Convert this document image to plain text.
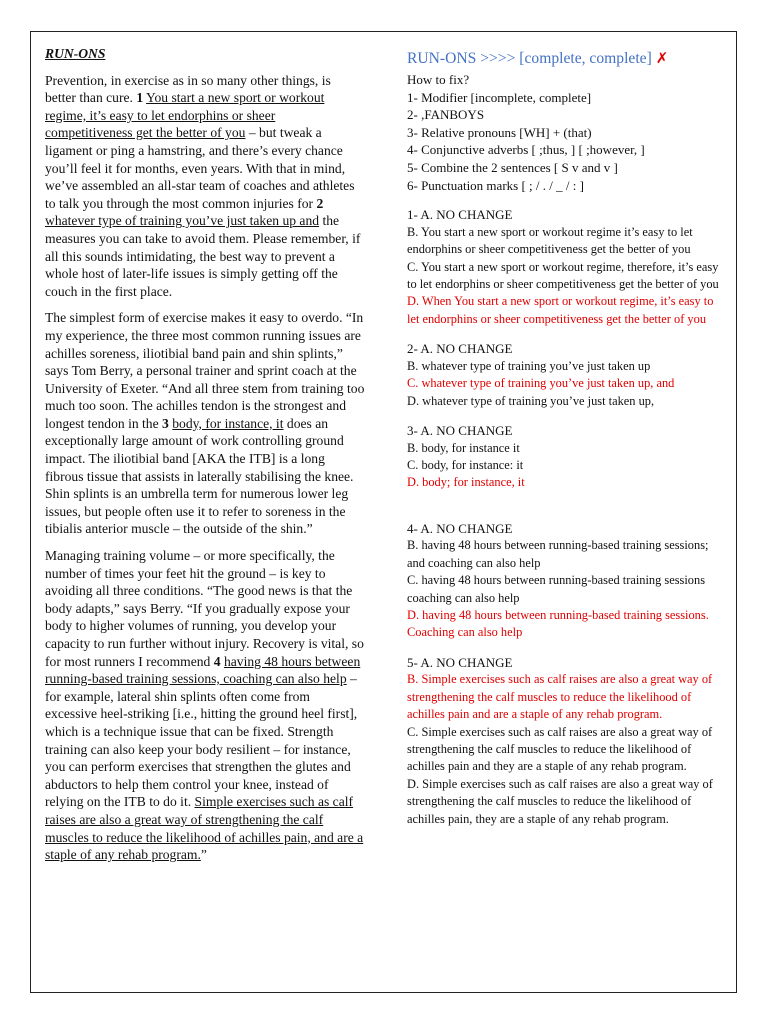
RUN-ONS

Prevention, in exercise as in so many other things, is better than cure. 1 You start a new sport or workout regime, it’s easy to let endorphins or sheer competitiveness get the better of you – but tweak a ligament or ping a hamstring, and there’s every chance you’ll feel it for months, even years. With that in mind, we’ve assembled an all-star team of coaches and athletes to talk you through the most common injuries for 2 whatever type of training you’ve just taken up and the measures you can take to avoid them. Please remember, if all this sounds intimidating, the best way to prevent a whole host of later-life issues is simply getting off the couch in the first place.

The simplest form of exercise makes it easy to overdo. “In my experience, the three most common running issues are achilles soreness, iliotibial band pain and shin splints,” says Tom Berry, a personal trainer and sprint coach at the University of Exeter. “And all three stem from training too much too soon. The achilles tendon is the strongest and longest tendon in the 3 body, for instance, it does an exceptionally large amount of work controlling ground impact. The iliotibial band [AKA the ITB] is a long fibrous tissue that assists in laterally stabilising the knee. Shin splints is an umbrella term for numerous lower leg issues, but people often use it to refer to soreness in the tibialis anterior muscle – the outside of the shin.”

Managing training volume – or more specifically, the number of times your feet hit the ground – is key to avoiding all three conditions. “The good news is that the body adapts,” says Berry. “If you gradually expose your body to higher volumes of running, you develop your capacity to run further without injury. Recovery is vital, so for most runners I recommend 4 having 48 hours between running-based training sessions, coaching can also help – for example, lateral shin splints often come from excessive heel-striking [i.e., hitting the ground heel first], which is a technique issue that can be fixed. Strength training can also keep your body resilient – for instance, you can perform exercises that strengthen the glutes and abductors to help them control your knee, instead of relying on the ITB to do it. Simple exercises such as calf raises are also a great way of strengthening the calf muscles to reduce the likelihood of achilles pain, and are a staple of any rehab program.”

RUN-ONS >>>> [complete, complete] ✗
How to fix?
1- Modifier [incomplete, complete]
2- ,FANBOYS
3- Relative pronouns [WH] + (that)
4- Conjunctive adverbs [ ;thus, ] [ ;however, ]
5- Combine the 2 sentences [ S v and v ]
6- Punctuation marks [ ; / . / _ / : ]
1- A. NO CHANGE
B. You start a new sport or workout regime it’s easy to let endorphins or sheer competitiveness get the better of you
C. You start a new sport or workout regime, therefore, it’s easy to let endorphins or sheer competitiveness get the better of you
D. When You start a new sport or workout regime, it’s easy to let endorphins or sheer competitiveness get the better of you
2- A. NO CHANGE
B. whatever type of training you’ve just taken up
C. whatever type of training you’ve just taken up, and
D. whatever type of training you’ve just taken up,
3- A. NO CHANGE
B. body, for instance it
C. body, for instance: it
D. body; for instance, it
4- A. NO CHANGE
B. having 48 hours between running-based training sessions; and coaching can also help
C. having 48 hours between running-based training sessions coaching can also help
D. having 48 hours between running-based training sessions. Coaching can also help
5- A. NO CHANGE
B. Simple exercises such as calf raises are also a great way of strengthening the calf muscles to reduce the likelihood of achilles pain and are a staple of any rehab program.
C. Simple exercises such as calf raises are also a great way of strengthening the calf muscles to reduce the likelihood of achilles pain and they are a staple of any rehab program.
D. Simple exercises such as calf raises are also a great way of strengthening the calf muscles to reduce the likelihood of achilles pain, they are a staple of any rehab program.
